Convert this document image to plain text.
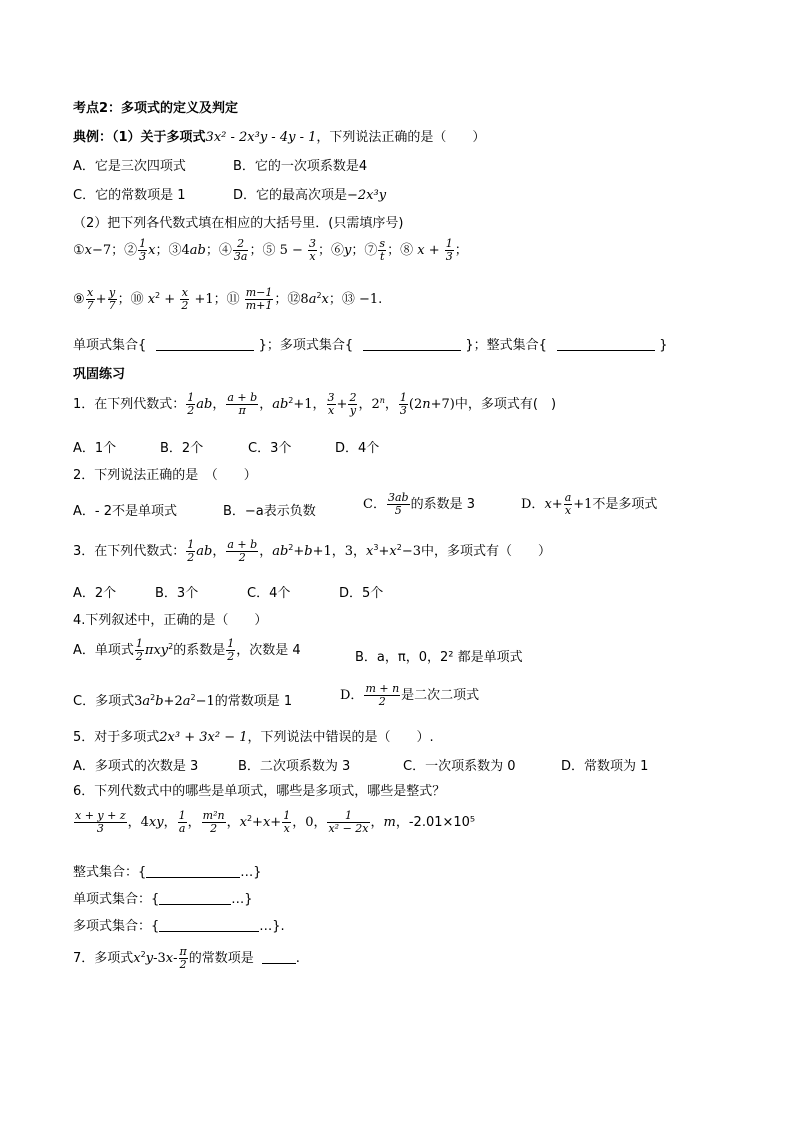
考点2：多项式的定义及判定
典例：（1）关于多项式3x² - 2x³y - 4y - 1，下列说法正确的是（　　）
A．它是三次四项式	B．它的一次项系数是4
C．它的常数项是 1	D．它的最高次项是−2x³y
（2）把下列各代数式填在相应的大括号里．(只需填序号)
①x−7；② $\frac{1}{3}$ x；③4ab；④ $\frac{2}{3a}$ ；⑤ $5 - \frac{3}{x}$ ；⑥y；⑦ $\frac{s}{t}$ ；⑧ $x + \frac{1}{3}$ ；
⑨ $\frac{x}{7} + \frac{y}{7}$ ；⑩ $x^2 + \frac{x}{2} +1$；⑪ $\frac{m-1}{m+1}$ ；$⑫8a^2x$；⑬ −1.
单项式集合{	}；多项式集合{	}；整式集合{	}
巩固练习
1．在下列代数式： $\frac{1}{2}$ ab， $\frac{a + b}{\pi}$ ，$ab^2+1$， $\frac{3}{x} + \frac{2}{y}$ ，2$^n$， $\frac{1}{3} (2n+7)$中，多项式有(　)
A．1个	B．2个	C．3个	D．4个
2．下列说法正确的是　（　　）
A．- 2不是单项式	B．−a表示负数	C． $\frac{3ab}{5}$ 的系数是 3	D．$x+ \frac{a}{x} +1$不是多项式
3．在下列代数式： $\frac{1}{2}$ ab， $\frac{a + b}{2}$ ，$ab^2+b+1$，3，$x^3+x^2-3$中，多项式有（　　）
A．2个	B．3个	C．4个	D．5个
4.下列叙述中，正确的是（　　）
A．单项式 $\frac{1}{2} \pi xy^2$的系数是 $\frac{1}{2}$ ，次数是 4	B．a，π，0，2² 都是单项式
C．多项式$3a^2b+2a^2-1$的常数项是 1	D． $\frac{m + n}{2}$ 是二次二项式
5．对于多项式2x³ + 3x² − 1，下列说法中错误的是（　　）.
A．多项式的次数是 3	B．二次项系数为 3	C．一次项系数为 0	D．常数项为 1
6．下列代数式中的哪些是单项式，哪些是多项式，哪些是整式？
$\frac{x + y + z}{3}$ ，4xy， $\frac{1}{a}$ ， $\frac{\text{m²n}}{2}$ ，$x^2+x+ \frac{1}{x}$ ，0， $\frac{1}{\text{x² − 2x}}$ ，m，-2.01×10⁵
整式集合：{	…}
单项式集合：{	…}
多项式集合：{	…}.
7．多项式$x^2y-3x- \frac{\pi}{2}$ 的常数项是	.
